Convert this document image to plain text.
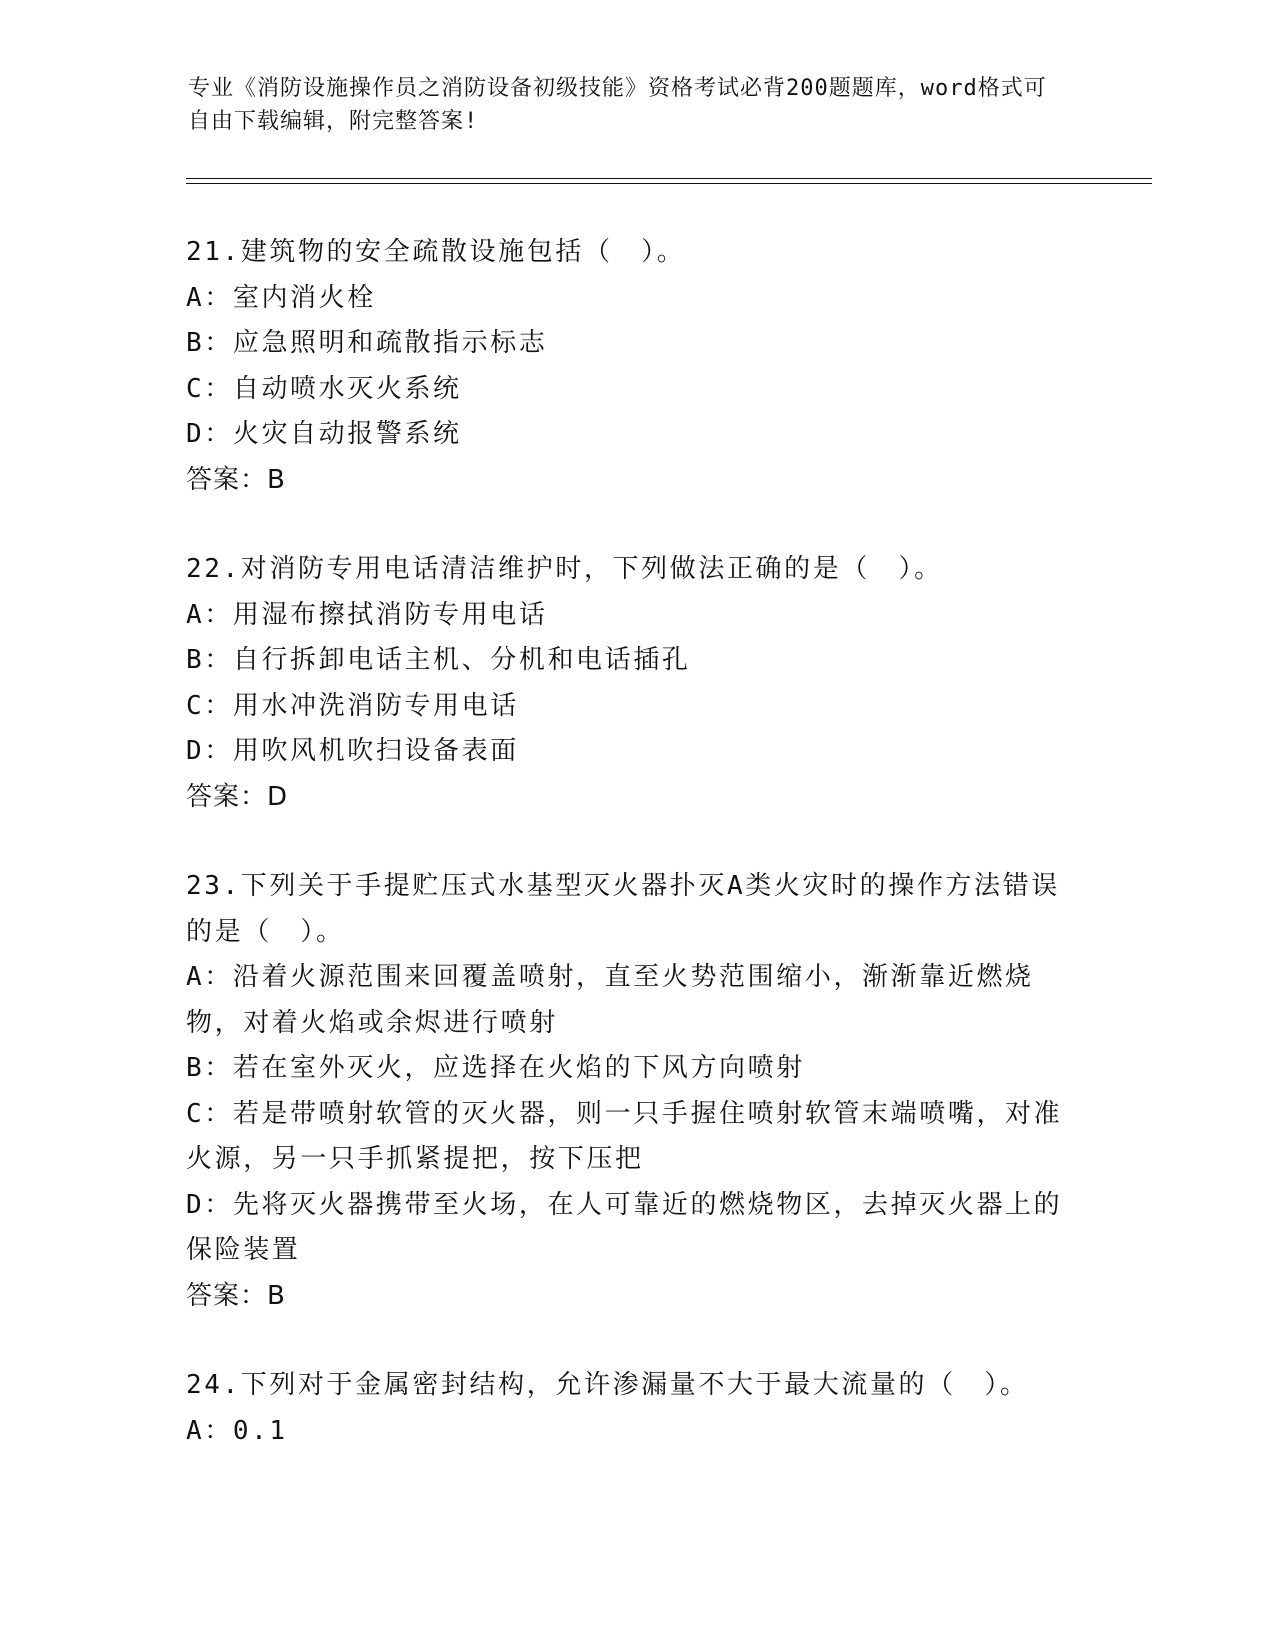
专业《消防设施操作员之消防设备初级技能》资格考试必背200题题库，word格式可自由下载编辑，附完整答案!

21.建筑物的安全疏散设施包括（　）。

A：室内消火栓

B：应急照明和疏散指示标志

C：自动喷水灭火系统

D：火灾自动报警系统

答案：B

22.对消防专用电话清洁维护时，下列做法正确的是（　）。

A：用湿布擦拭消防专用电话

B：自行拆卸电话主机、分机和电话插孔

C：用水冲洗消防专用电话

D：用吹风机吹扫设备表面

答案：D

23.下列关于手提贮压式水基型灭火器扑灭A类火灾时的操作方法错误的是（　）。

A：沿着火源范围来回覆盖喷射，直至火势范围缩小，渐渐靠近燃烧物，对着火焰或余烬进行喷射

B：若在室外灭火，应选择在火焰的下风方向喷射

C：若是带喷射软管的灭火器，则一只手握住喷射软管末端喷嘴，对准火源，另一只手抓紧提把，按下压把

D：先将灭火器携带至火场，在人可靠近的燃烧物区，去掉灭火器上的保险装置

答案：B

24.下列对于金属密封结构，允许渗漏量不大于最大流量的（　）。

A：0.1
